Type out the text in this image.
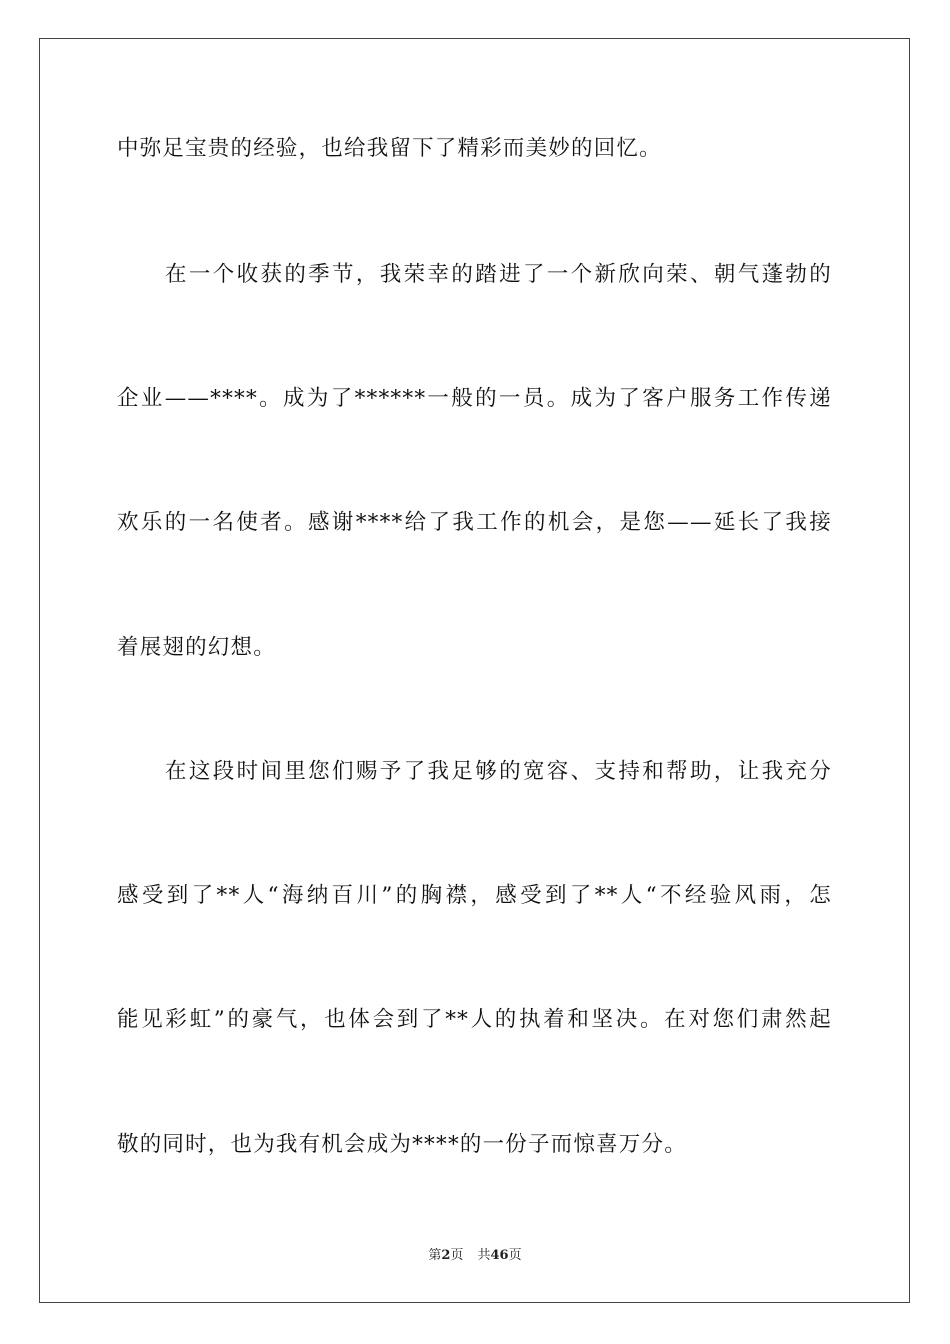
中弥足宝贵的经验，也给我留下了精彩而美妙的回忆。
在一个收获的季节，我荣幸的踏进了一个新欣向荣、朝气蓬勃的
企业——****。成为了******一般的一员。成为了客户服务工作传递
欢乐的一名使者。感谢****给了我工作的机会，是您——延长了我接
着展翅的幻想。
在这段时间里您们赐予了我足够的宽容、支持和帮助，让我充分
感受到了**人“海纳百川”的胸襟，感受到了**人“不经验风雨，怎
能见彩虹”的豪气，也体会到了**人的执着和坚决。在对您们肃然起
敬的同时，也为我有机会成为****的一份子而惊喜万分。
第2页 共46页
